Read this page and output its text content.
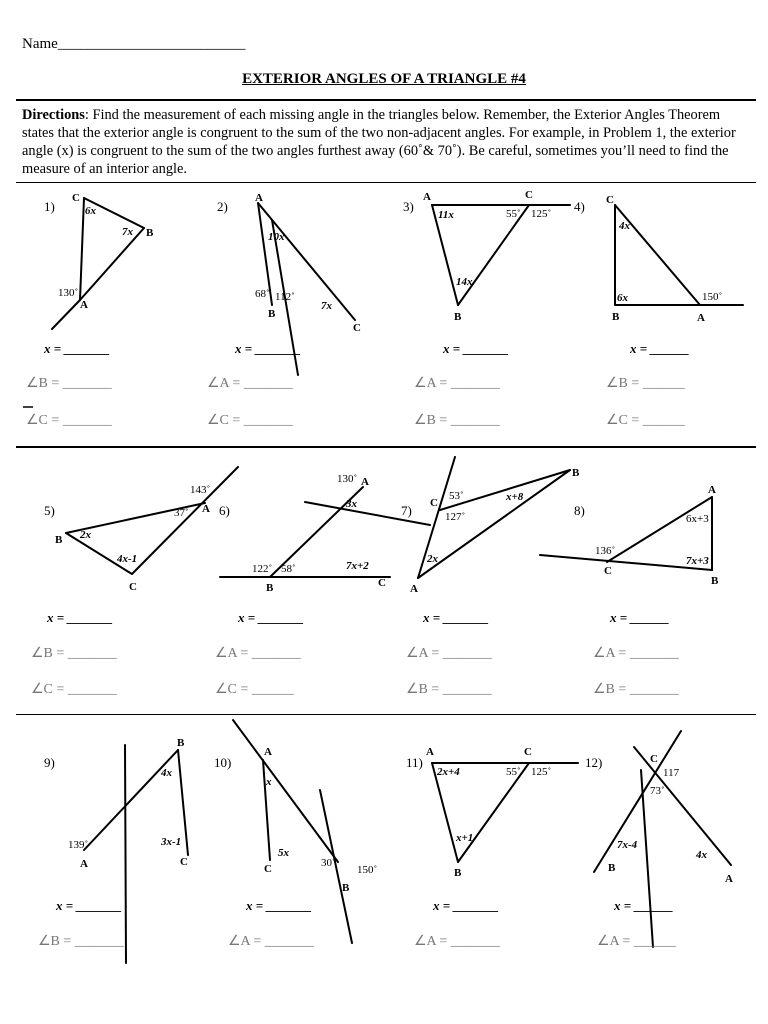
Name_________________________
EXTERIOR ANGLES OF A TRIANGLE #4
Directions: Find the measurement of each missing angle in the triangles below. Remember, the Exterior Angles Theorem states that the exterior angle is congruent to the sum of the two non-adjacent angles. For example, in Problem 1, the exterior angle (x) is congruent to the sum of the two angles furthest away (60˚& 70˚). Be careful, sometimes you’ll need to find the measure of an interior angle.
1)	2)	3)	4)
5)	6)	7)	8)
9)	10)	11)	12)
C
B
A
6x
7x
130˚
A
B
C
10x
7x
68˚ 112˚
A	C
B
11x
14x
55˚ 125˚
C
B	A
4x
6x	150˚
B
C
A
2x
4x-1
143˚
37˚
A
B	C
3x
7x+2
130˚
122˚ 58˚
C
A
B
x+8
2x
53˚
127˚
A
B
C
6x+3
7x+3
136˚
B
A	C
4x
3x-1
139˚
A
C
B
x
5x
30˚
150˚
A	C
B
2x+4
x+1
55˚ 125˚
C
B
A
7x-4
4x
117
73˚
x = _______	x = _______	x = _______	x = ______
x = _______	x = _______	x = _______	x = ______
x = _______	x = _______	x = _______	x = ______
∠B = _______
∠C = _______
∠A = _______
∠C = _______
∠A = _______
∠B = _______
∠B = ______
∠C = ______
∠B = _______
∠C = _______
∠A = _______
∠C = ______
∠A = _______
∠B = _______
∠A = _______
∠B = _______
∠B = _______	∠A = _______	∠A = _______	∠A = ______
